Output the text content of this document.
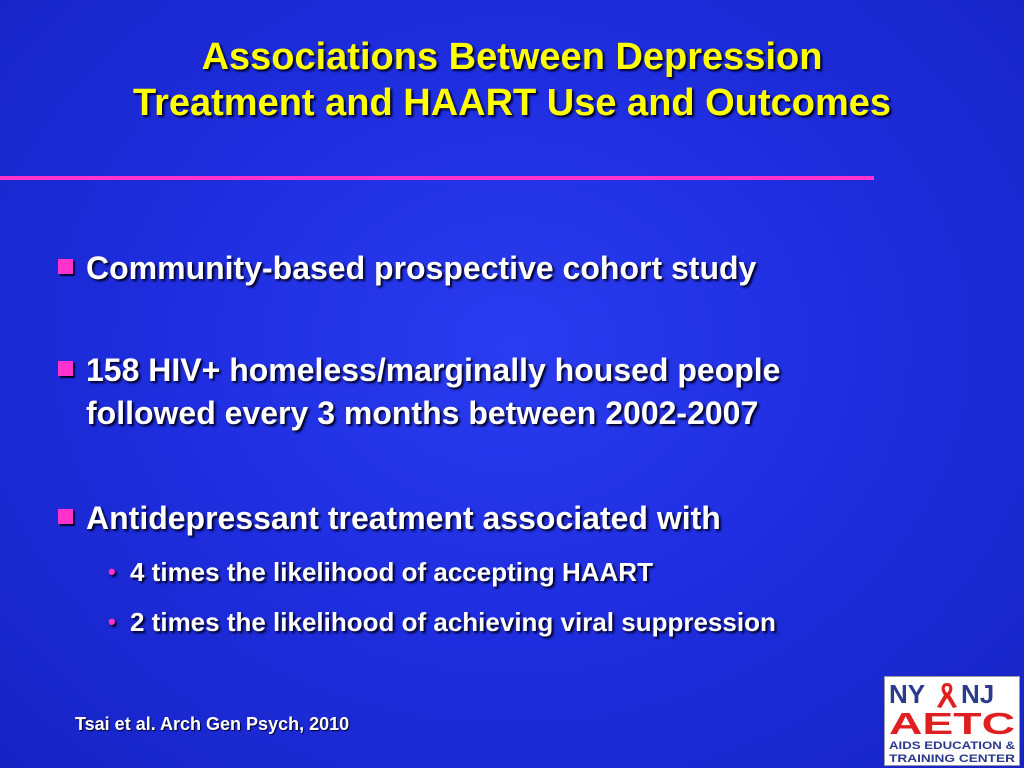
Associations Between Depression
Treatment and HAART Use and Outcomes
Community-based prospective cohort study
158 HIV+ homeless/marginally housed people
followed every 3 months between 2002-2007
Antidepressant treatment associated with
• 4 times the likelihood of accepting HAART
• 2 times the likelihood of achieving viral suppression
Tsai et al. Arch Gen Psych, 2010
NY NJ
AETC
AIDS EDUCATION &
TRAINING CENTER
